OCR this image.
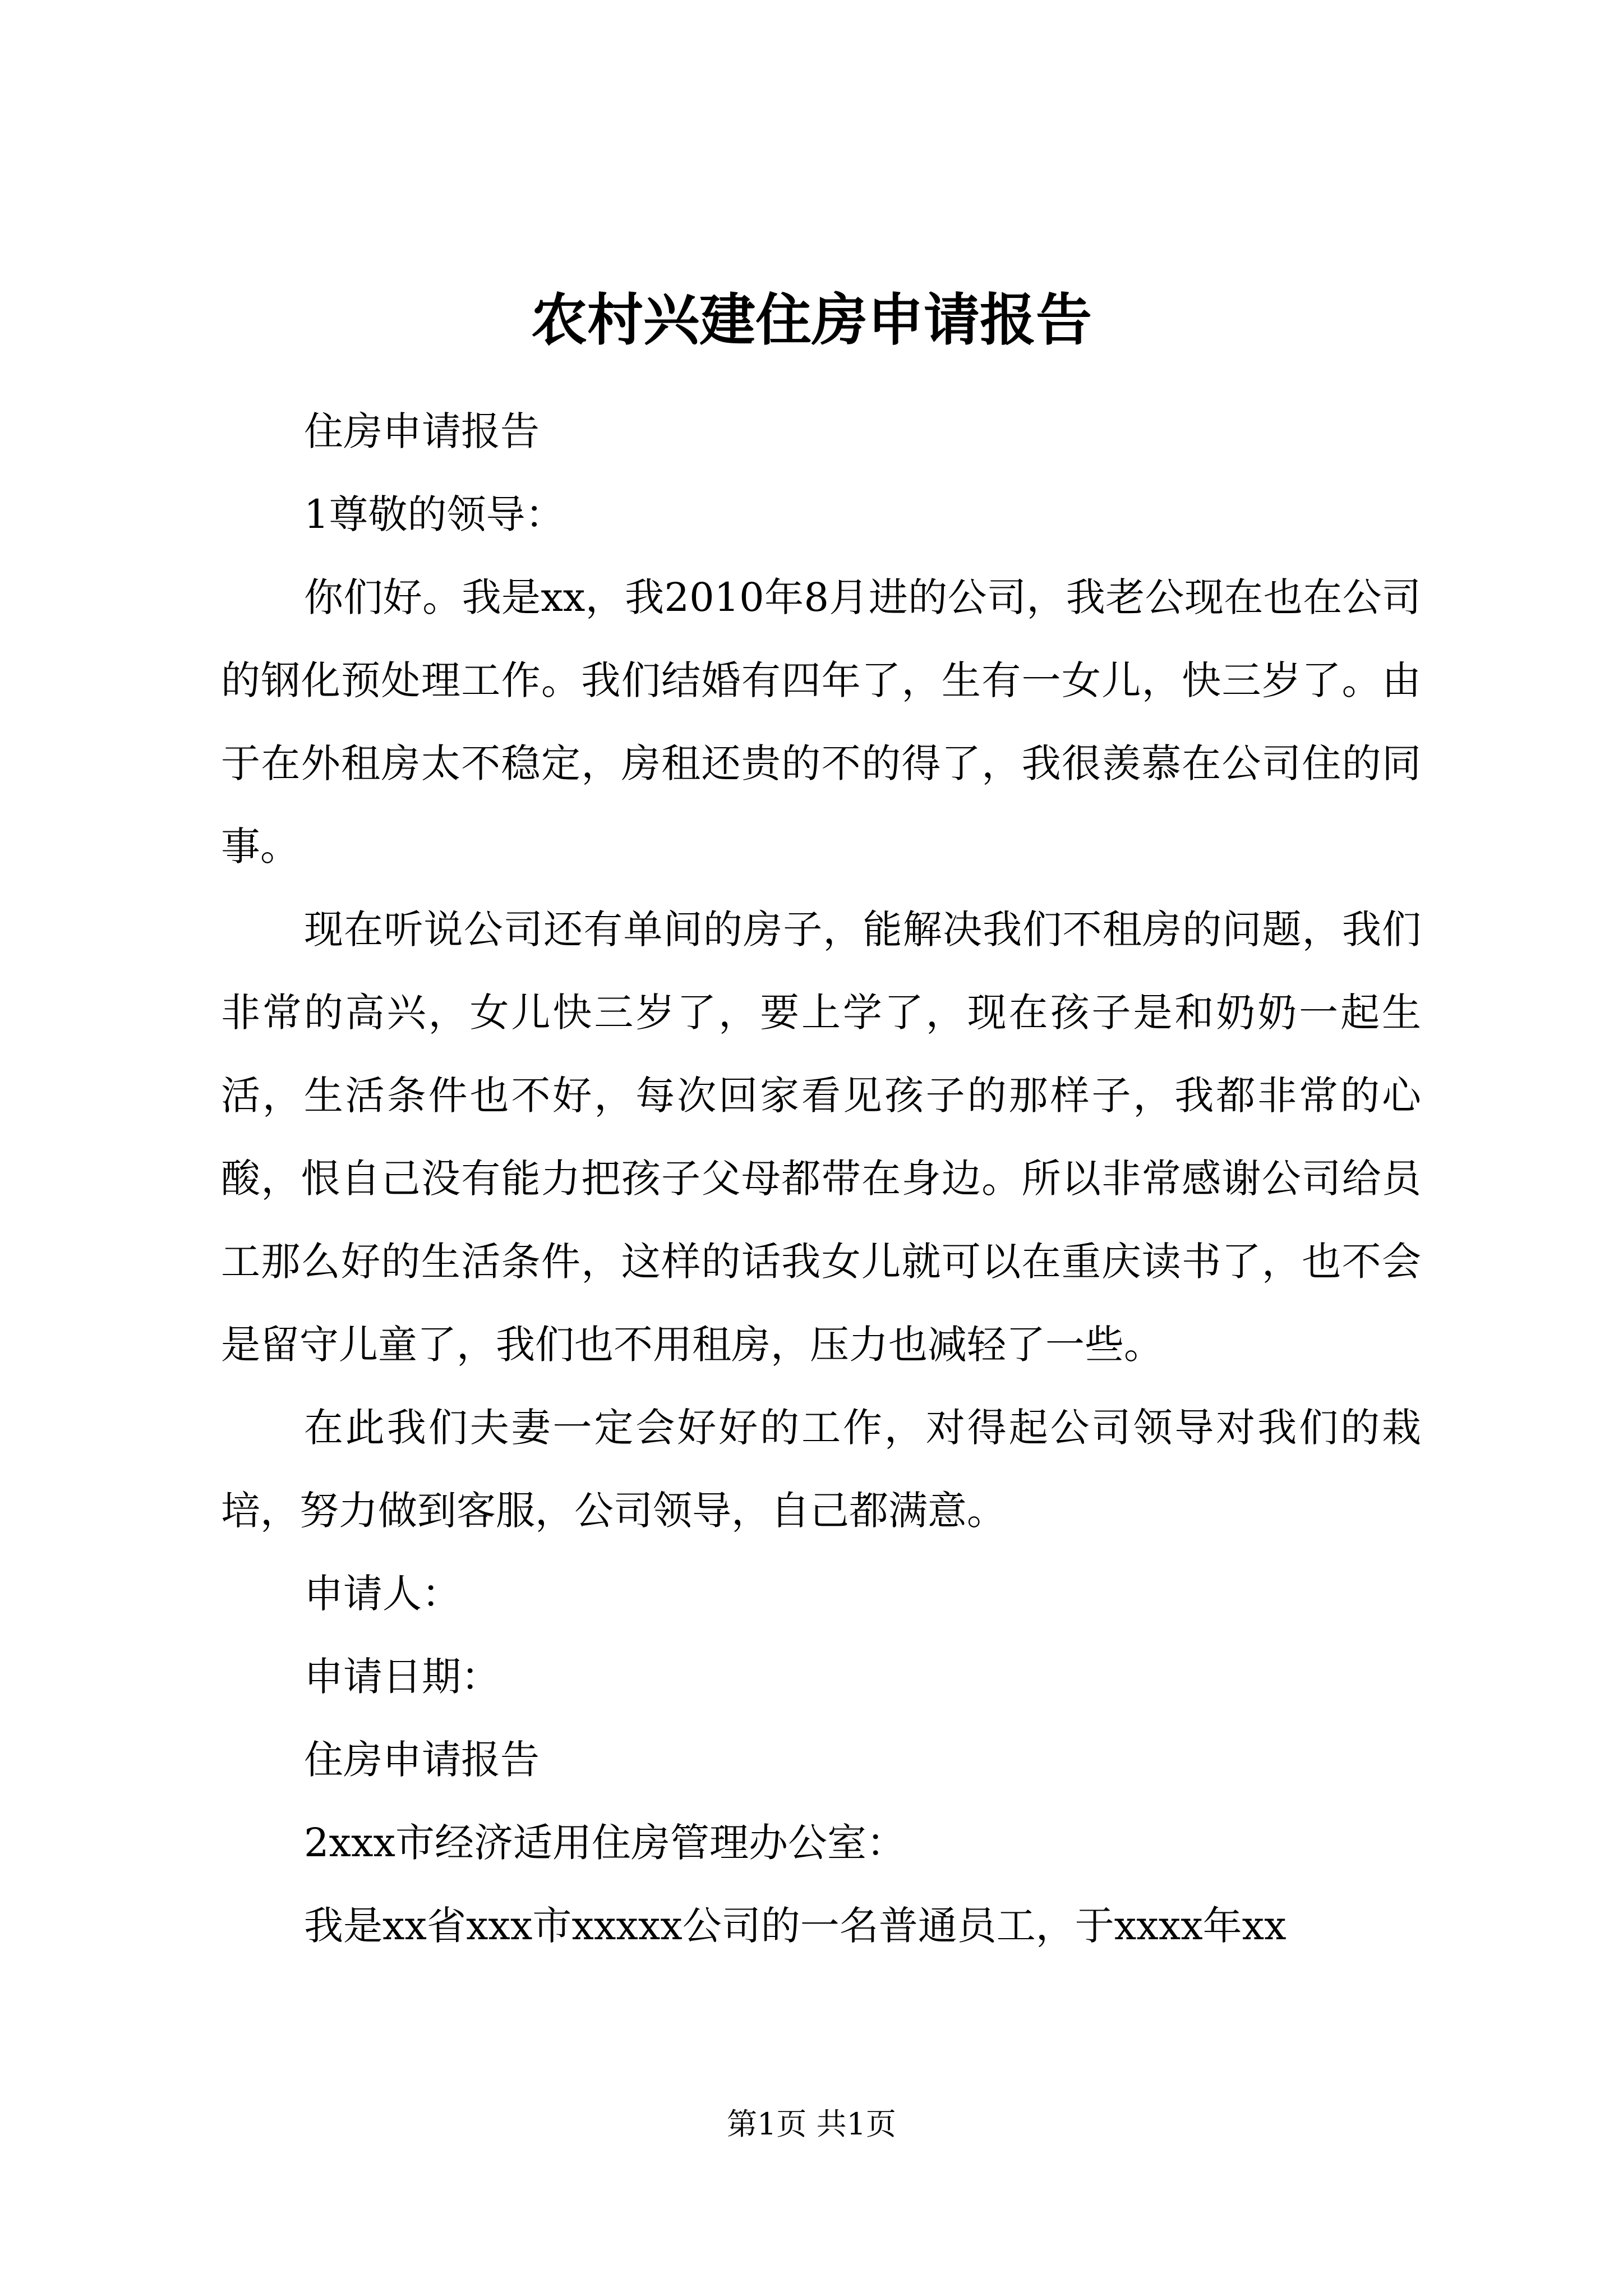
农村兴建住房申请报告

住房申请报告

1尊敬的领导：

你们好。我是xx，我2010年8月进的公司，我老公现在也在公司的钢化预处理工作。我们结婚有四年了，生有一女儿，快三岁了。由于在外租房太不稳定，房租还贵的不的得了，我很羡慕在公司住的同事。

现在听说公司还有单间的房子，能解决我们不租房的问题，我们非常的高兴，女儿快三岁了，要上学了，现在孩子是和奶奶一起生活，生活条件也不好，每次回家看见孩子的那样子，我都非常的心酸，恨自己没有能力把孩子父母都带在身边。所以非常感谢公司给员工那么好的生活条件，这样的话我女儿就可以在重庆读书了，也不会是留守儿童了，我们也不用租房，压力也减轻了一些。

在此我们夫妻一定会好好的工作，对得起公司领导对我们的栽培，努力做到客服，公司领导，自己都满意。

申请人：

申请日期：

住房申请报告

2xxx市经济适用住房管理办公室：

我是xx省xxx市xxxxx公司的一名普通员工，于xxxx年xx

第1页 共1页
